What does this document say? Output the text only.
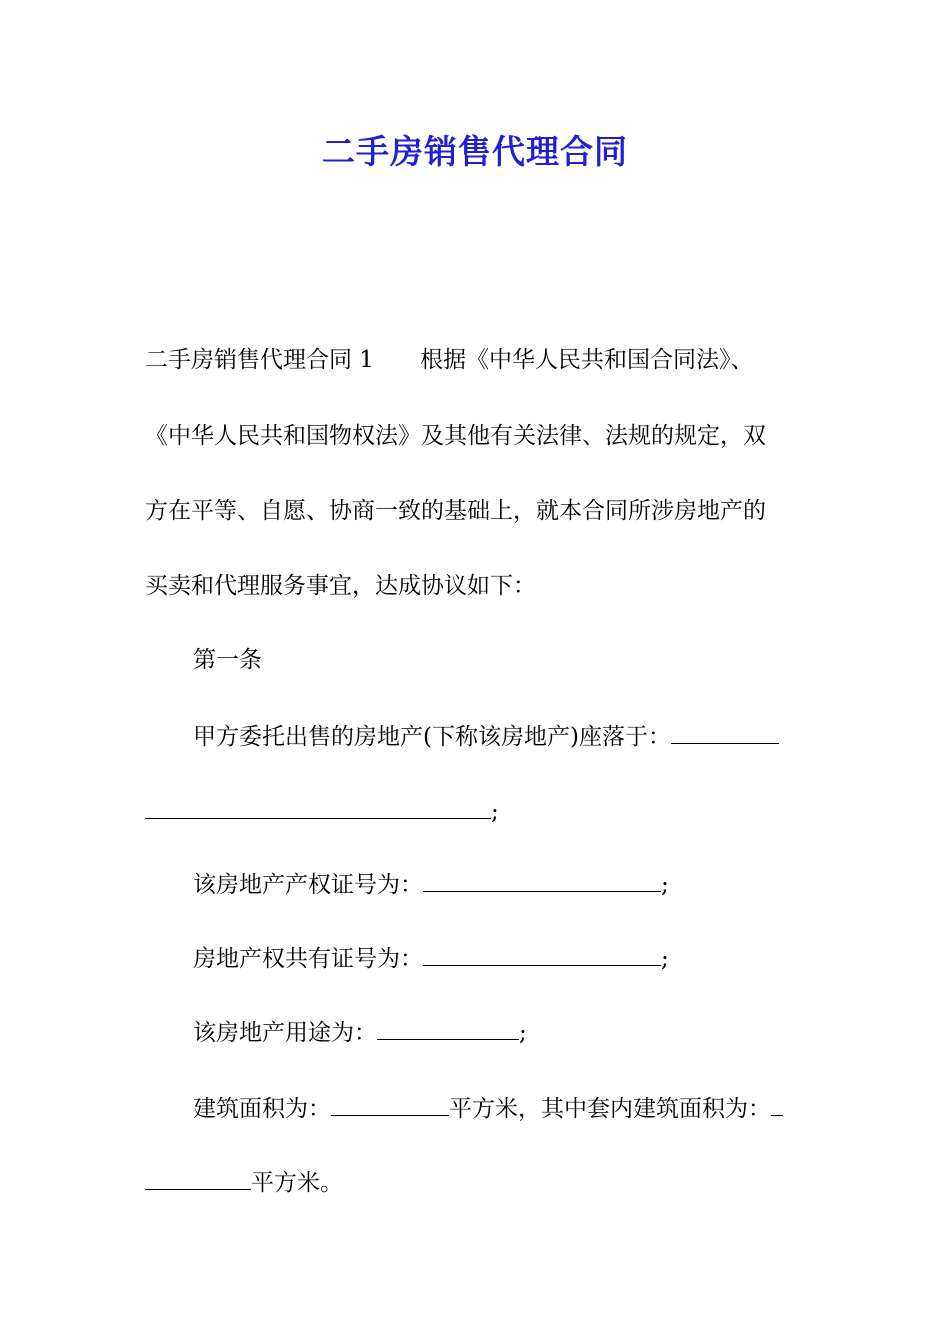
二手房销售代理合同
二手房销售代理合同 1 根据《中华人民共和国合同法》、
《中华人民共和国物权法》及其他有关法律、法规的规定，双
方在平等、自愿、协商一致的基础上，就本合同所涉房地产的
买卖和代理服务事宜，达成协议如下：
第一条
甲方委托出售的房地产(下称该房地产)座落于：
;
该房地产产权证号为：	;
房地产权共有证号为：	;
该房地产用途为：	;
建筑面积为：	平方米，其中套内建筑面积为：
平方米。
